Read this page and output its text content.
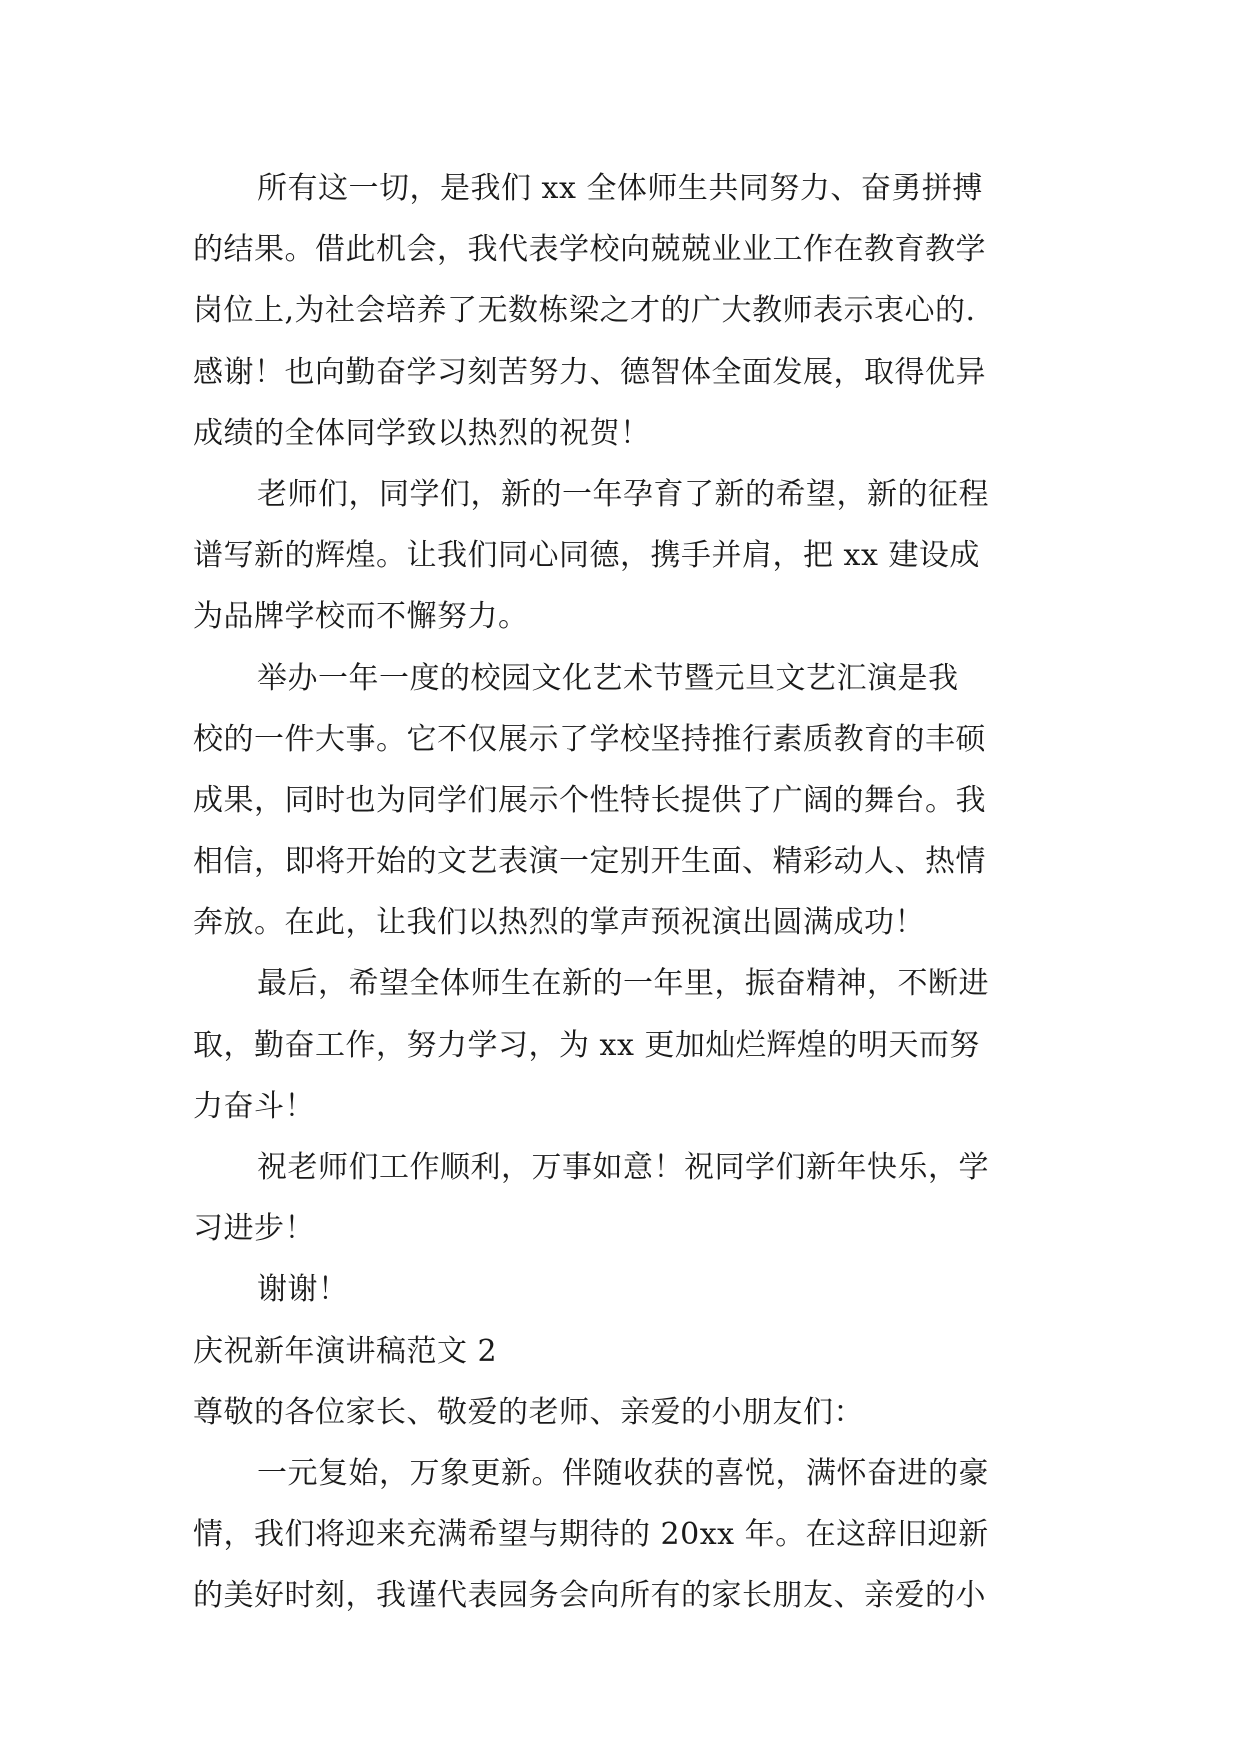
所有这一切，是我们 xx 全体师生共同努力、奋勇拼搏
的结果。借此机会，我代表学校向兢兢业业工作在教育教学
岗位上,为社会培养了无数栋梁之才的广大教师表示衷心的.
感谢！也向勤奋学习刻苦努力、德智体全面发展，取得优异
成绩的全体同学致以热烈的祝贺！
老师们，同学们，新的一年孕育了新的希望，新的征程
谱写新的辉煌。让我们同心同德，携手并肩，把 xx 建设成
为品牌学校而不懈努力。
举办一年一度的校园文化艺术节暨元旦文艺汇演是我
校的一件大事。它不仅展示了学校坚持推行素质教育的丰硕
成果，同时也为同学们展示个性特长提供了广阔的舞台。我
相信，即将开始的文艺表演一定别开生面、精彩动人、热情
奔放。在此，让我们以热烈的掌声预祝演出圆满成功！
最后，希望全体师生在新的一年里，振奋精神，不断进
取，勤奋工作，努力学习，为 xx 更加灿烂辉煌的明天而努
力奋斗！
祝老师们工作顺利，万事如意！祝同学们新年快乐，学
习进步！
谢谢！
庆祝新年演讲稿范文 2
尊敬的各位家长、敬爱的老师、亲爱的小朋友们：
一元复始，万象更新。伴随收获的喜悦，满怀奋进的豪
情，我们将迎来充满希望与期待的 20xx 年。在这辞旧迎新
的美好时刻，我谨代表园务会向所有的家长朋友、亲爱的小
